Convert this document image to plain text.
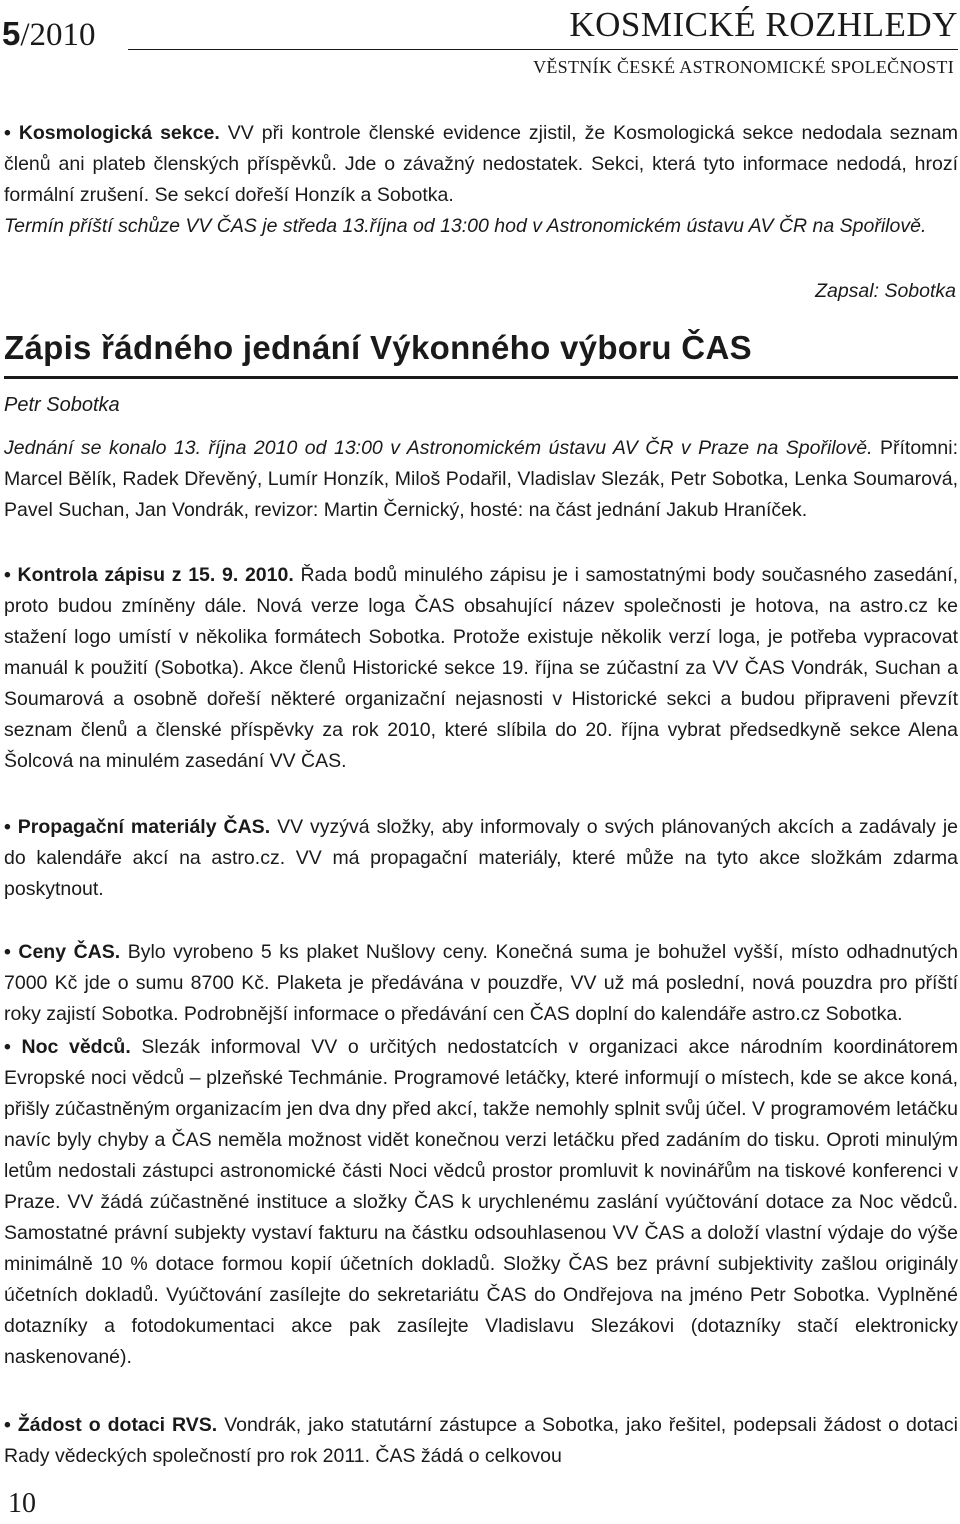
5/2010	KOSMICKÉ ROZHLEDY
VĚSTNÍK ČESKÉ ASTRONOMICKÉ SPOLEČNOSTI

• Kosmologická sekce. VV při kontrole členské evidence zjistil, že Kosmologická sekce nedodala seznam členů ani plateb členských příspěvků. Jde o závažný nedostatek. Sekci, která tyto informace nedodá, hrozí formální zrušení. Se sekcí dořeší Honzík a Sobotka.

Termín příští schůze VV ČAS je středa 13.října od 13:00 hod v Astronomickém ústavu AV ČR na Spořilově.

Zapsal: Sobotka
Zápis řádného jednání Výkonného výboru ČAS
Petr Sobotka

Jednání se konalo 13. října 2010 od 13:00 v Astronomickém ústavu AV ČR v Praze na Spořilově. Přítomni: Marcel Bělík, Radek Dřevěný, Lumír Honzík, Miloš Podařil, Vladislav Slezák, Petr Sobotka, Lenka Soumarová, Pavel Suchan, Jan Vondrák, revizor: Martin Černický, hosté: na část jednání Jakub Hraníček.

• Kontrola zápisu z 15. 9. 2010. Řada bodů minulého zápisu je i samostatnými body současného zasedání, proto budou zmíněny dále. Nová verze loga ČAS obsahující název společnosti je hotova, na astro.cz ke stažení logo umístí v několika formátech Sobotka. Protože existuje několik verzí loga, je potřeba vypracovat manuál k použití (Sobotka). Akce členů Historické sekce 19. října se zúčastní za VV ČAS Vondrák, Suchan a Soumarová a osobně dořeší některé organizační nejasnosti v Historické sekci a budou připraveni převzít seznam členů a členské příspěvky za rok 2010, které slíbila do 20. října vybrat předsedkyně sekce Alena Šolcová na minulém zasedání VV ČAS.

• Propagační materiály ČAS. VV vyzývá složky, aby informovaly o svých plánovaných akcích a zadávaly je do kalendáře akcí na astro.cz. VV má propagační materiály, které může na tyto akce složkám zdarma poskytnout.

• Ceny ČAS. Bylo vyrobeno 5 ks plaket Nušlovy ceny. Konečná suma je bohužel vyšší, místo odhadnutých 7000 Kč jde o sumu 8700 Kč. Plaketa je předávána v pouzdře, VV už má poslední, nová pouzdra pro příští roky zajistí Sobotka. Podrobnější informace o předávání cen ČAS doplní do kalendáře astro.cz Sobotka.

• Noc vědců. Slezák informoval VV o určitých nedostatcích v organizaci akce národním koordinátorem Evropské noci vědců – plzeňské Techmánie. Programové letáčky, které informují o místech, kde se akce koná, přišly zúčastněným organizacím jen dva dny před akcí, takže nemohly splnit svůj účel. V programovém letáčku navíc byly chyby a ČAS neměla možnost vidět konečnou verzi letáčku před zadáním do tisku. Oproti minulým letům nedostali zástupci astronomické části Noci vědců prostor promluvit k novinářům na tiskové konferenci v Praze. VV žádá zúčastněné instituce a složky ČAS k urychlenému zaslání vyúčtování dotace za Noc vědců. Samostatné právní subjekty vystaví fakturu na částku odsouhlasenou VV ČAS a doloží vlastní výdaje do výše minimálně 10 % dotace formou kopií účetních dokladů. Složky ČAS bez právní subjektivity zašlou originály účetních dokladů. Vyúčtování zasílejte do sekretariátu ČAS do Ondřejova na jméno Petr Sobotka. Vyplněné dotazníky a fotodokumentaci akce pak zasílejte Vladislavu Slezákovi (dotazníky stačí elektronicky naskenované).

• Žádost o dotaci RVS. Vondrák, jako statutární zástupce a Sobotka, jako řešitel, podepsali žádost o dotaci Rady vědeckých společností pro rok 2011. ČAS žádá o celkovou

10
